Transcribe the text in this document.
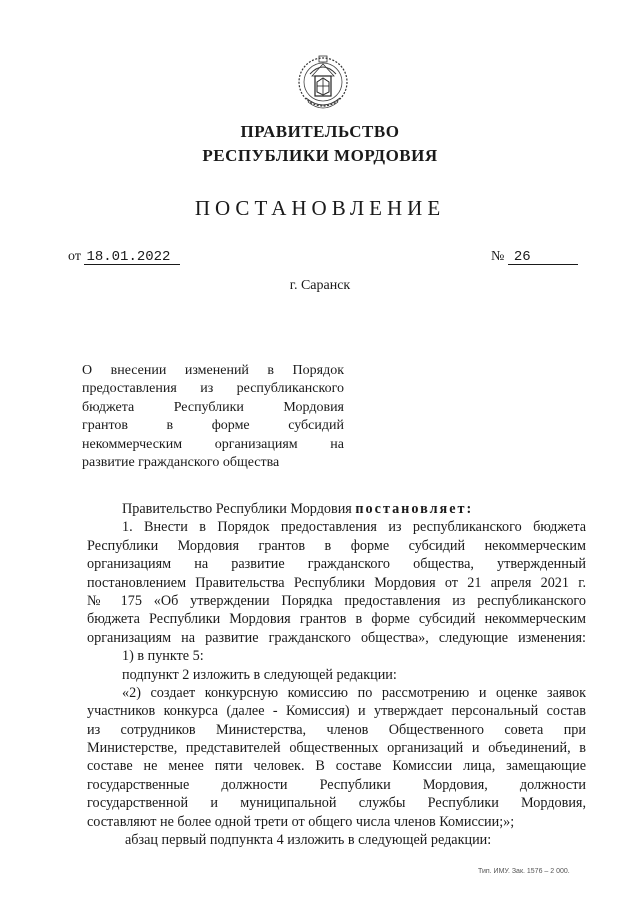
ПРАВИТЕЛЬСТВО
РЕСПУБЛИКИ МОРДОВИЯ
ПОСТАНОВЛЕНИЕ
от 18.01.2022	№ 26
г. Саранск
О внесении изменений в Порядок
предоставления из республиканского
бюджета Республики Мордовия
грантов в форме субсидий
некоммерческим организациям на
развитие гражданского общества
Правительство Республики Мордовия постановляет:
1. Внести в Порядок предоставления из республиканского бюджета
Республики Мордовия грантов в форме субсидий некоммерческим
организациям на развитие гражданского общества, утвержденный
постановлением Правительства Республики Мордовия от 21 апреля 2021 г.
№ 175 «Об утверждении Порядка предоставления из республиканского
бюджета Республики Мордовия грантов в форме субсидий некоммерческим
организациям на развитие гражданского общества», следующие изменения:
1) в пункте 5:
подпункт 2 изложить в следующей редакции:
«2) создает конкурсную комиссию по рассмотрению и оценке заявок
участников конкурса (далее - Комиссия) и утверждает персональный состав
из сотрудников Министерства, членов Общественного совета при
Министерстве, представителей общественных организаций и объединений, в
составе не менее пяти человек. В составе Комиссии лица, замещающие
государственные должности Республики Мордовия, должности
государственной и муниципальной службы Республики Мордовия,
составляют не более одной трети от общего числа членов Комиссии;»;
абзац первый подпункта 4 изложить в следующей редакции:
Тип. ИМУ. Зак. 1576 – 2 000.
